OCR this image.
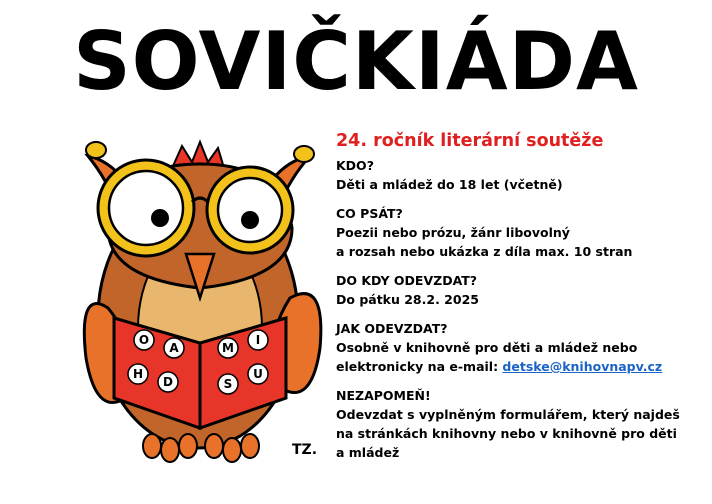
SOVIČKIÁDA
O
A
H
D
M
I
S
U
TZ.
24. ročník literární soutěže
KDO?
Děti a mládež do 18 let (včetně)
CO PSÁT?
Poezii nebo prózu, žánr libovolný
a rozsah nebo ukázka z díla max. 10 stran
DO KDY ODEVZDAT?
Do pátku 28.2. 2025
JAK ODEVZDAT?
Osobně v knihovně pro děti a mládež nebo
elektronicky na e-mail: detske@knihovnapv.cz
NEZAPOMEŇ!
Odevzdat s vyplněným formulářem, který najdeš
na stránkách knihovny nebo v knihovně pro děti
a mládež
